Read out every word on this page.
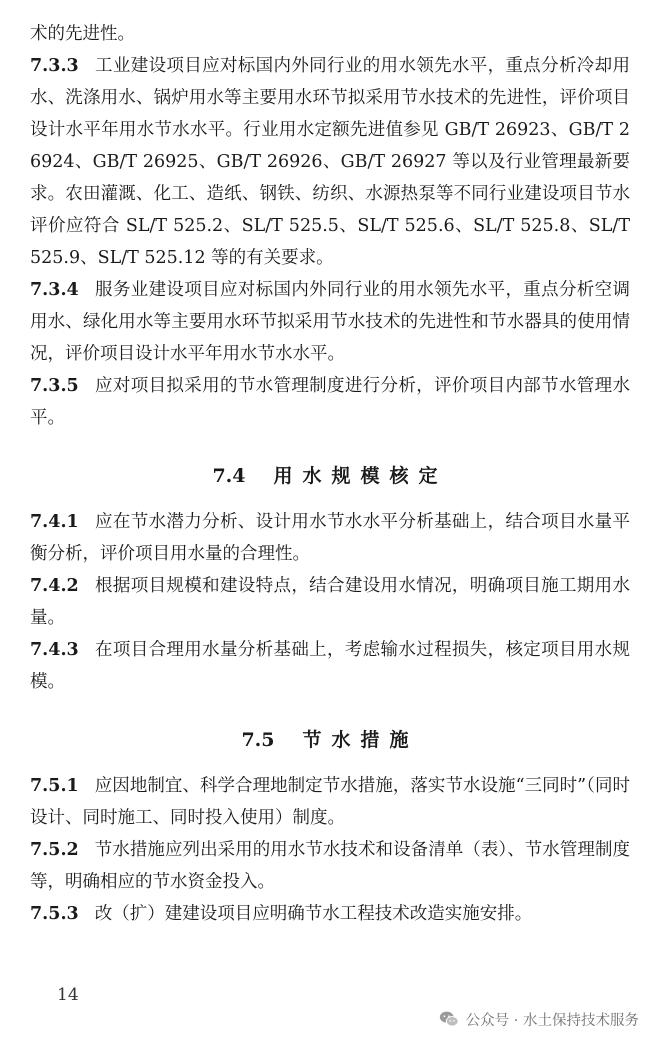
术的先进性。

7.3.3 工业建设项目应对标国内外同行业的用水领先水平，重点分析冷却用水、洗涤用水、锅炉用水等主要用水环节拟采用节水技术的先进性，评价项目设计水平年用水节水水平。行业用水定额先进值参见 GB/T 26923、GB/T 26924、GB/T 26925、GB/T 26926、GB/T 26927 等以及行业管理最新要求。农田灌溉、化工、造纸、钢铁、纺织、水源热泵等不同行业建设项目节水评价应符合 SL/T 525.2、SL/T 525.5、SL/T 525.6、SL/T 525.8、SL/T 525.9、SL/T 525.12 等的有关要求。

7.3.4 服务业建设项目应对标国内外同行业的用水领先水平，重点分析空调用水、绿化用水等主要用水环节拟采用节水技术的先进性和节水器具的使用情况，评价项目设计水平年用水节水水平。

7.3.5 应对项目拟采用的节水管理制度进行分析，评价项目内部节水管理水平。

7.4 用水规模核定

7.4.1 应在节水潜力分析、设计用水节水水平分析基础上，结合项目水量平衡分析，评价项目用水量的合理性。

7.4.2 根据项目规模和建设特点，结合建设用水情况，明确项目施工期用水量。

7.4.3 在项目合理用水量分析基础上，考虑输水过程损失，核定项目用水规模。

7.5 节水措施

7.5.1 应因地制宜、科学合理地制定节水措施，落实节水设施“三同时”（同时设计、同时施工、同时投入使用）制度。

7.5.2 节水措施应列出采用的用水节水技术和设备清单（表）、节水管理制度等，明确相应的节水资金投入。

7.5.3 改（扩）建建设项目应明确节水工程技术改造实施安排。

14
公众号 · 水土保持技术服务
